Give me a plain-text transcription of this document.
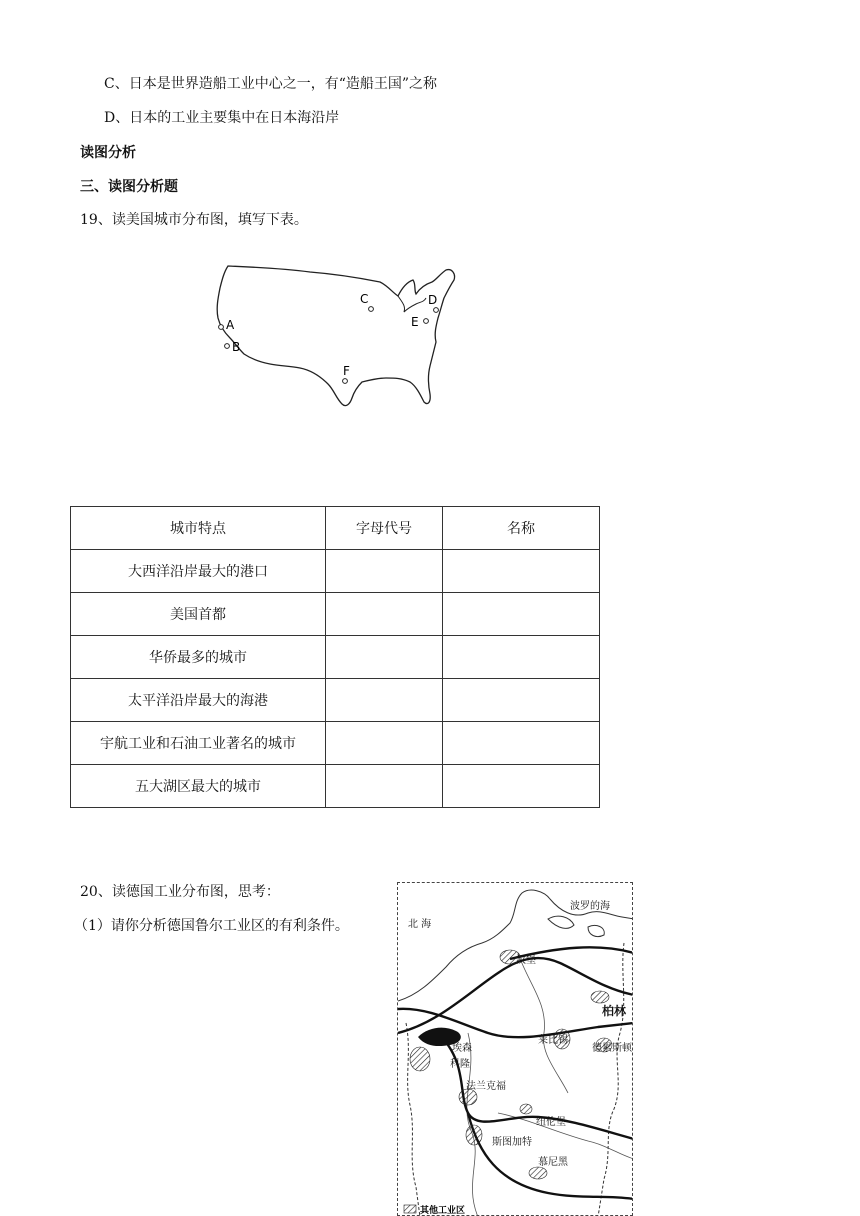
C、日本是世界造船工业中心之一，有“造船王国”之称
D、日本的工业主要集中在日本海沿岸
读图分析
三、读图分析题
19、读美国城市分布图，填写下表。
A
B
C	D
E
F
城市特点	字母代号	名称
大西洋沿岸最大的港口		
美国首都		
华侨最多的城市		
太平洋沿岸最大的海港		
宇航工业和石油工业著名的城市		
五大湖区最大的城市		
20、读德国工业分布图，思考：
（1）请你分析德国鲁尔工业区的有利条件。	北 海
波罗的海
汉堡
柏林
莱比锡
德累斯顿
埃森
科隆
法兰克福
纽伦堡
斯图加特
慕尼黑
其他工业区
